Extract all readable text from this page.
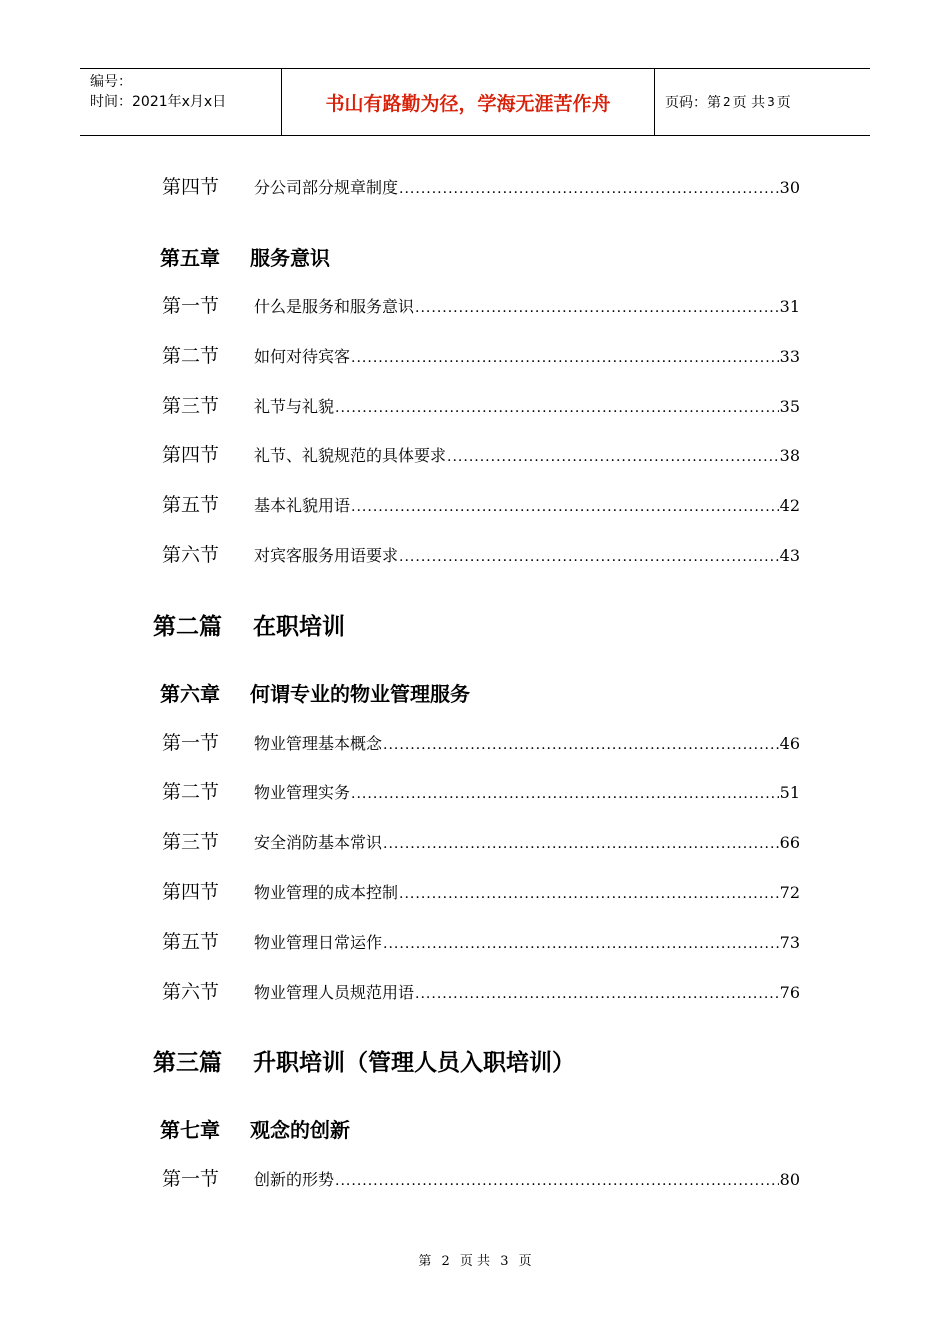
编号：
时间：2021年x月x日	书山有路勤为径，学海无涯苦作舟	页码：第 2 页 共 3 页
第四节	分公司部分规章制度 .....	30
第五章	服务意识
第一节	什么是服务和服务意识 .....	31
第二节	如何对待宾客 .....	33
第三节	礼节与礼貌 .....	35
第四节	礼节、礼貌规范的具体要求 .....	38
第五节	基本礼貌用语 .....	42
第六节	对宾客服务用语要求 .....	43
第二篇	在职培训
第六章	何谓专业的物业管理服务
第一节	物业管理基本概念 .....	46
第二节	物业管理实务 .....	51
第三节	安全消防基本常识 .....	66
第四节	物业管理的成本控制 .....	72
第五节	物业管理日常运作 .....	73
第六节	物业管理人员规范用语 .....	76
第三篇	升职培训（管理人员入职培训）
第七章	观念的创新
第一节	创新的形势 .....	80
第 2 页 共 3 页
